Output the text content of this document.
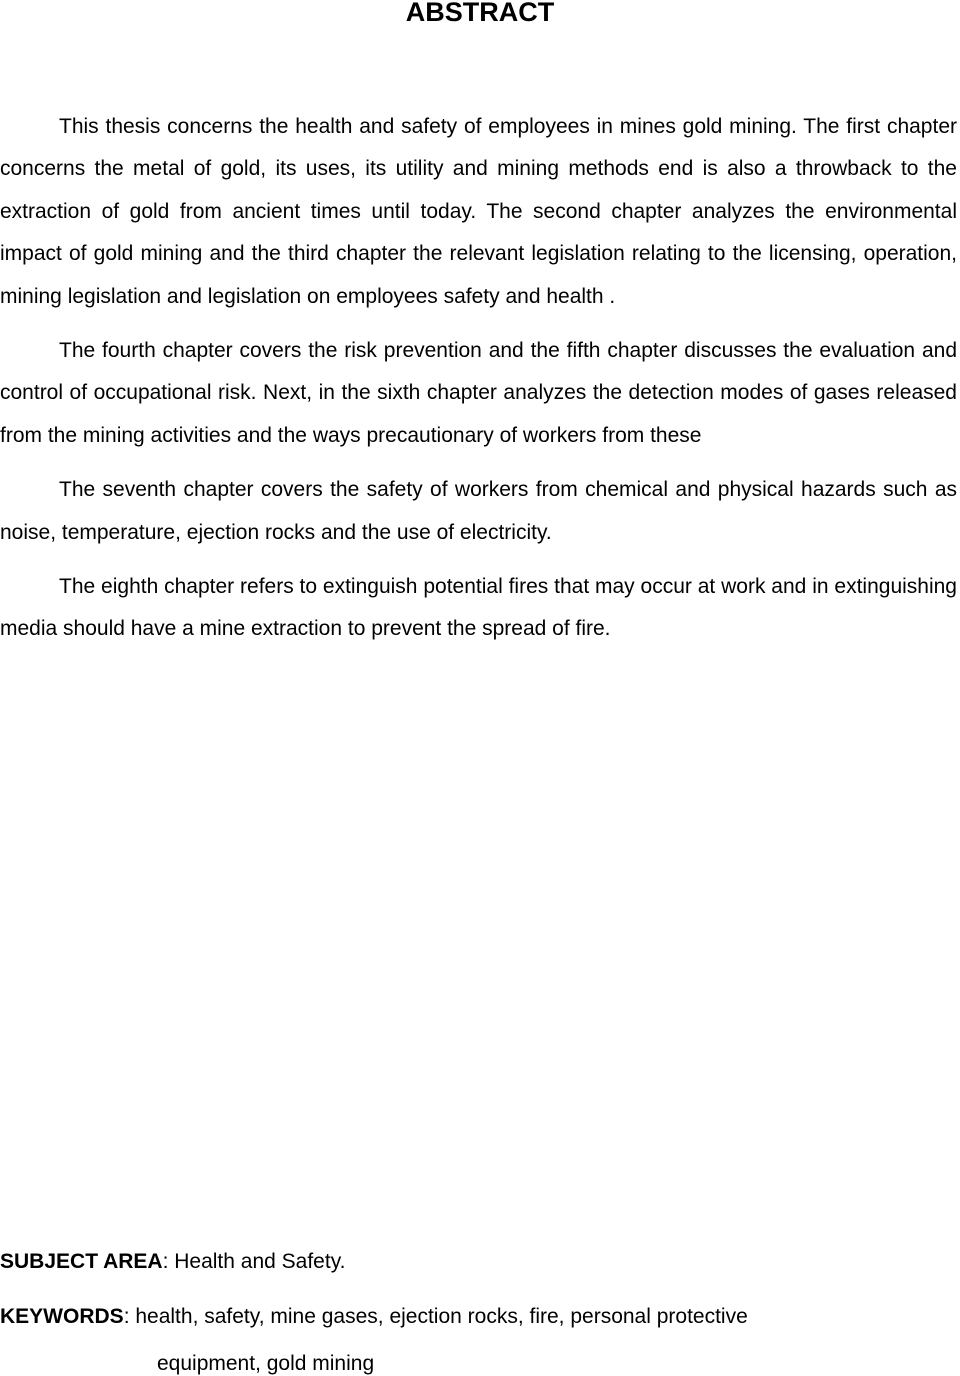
ABSTRACT

This thesis concerns the health and safety of employees in mines gold mining. The first chapter concerns the metal of gold, its uses, its utility and mining methods end is also a throwback to the extraction of gold from ancient times until today. The second chapter analyzes the environmental impact of gold mining and the third chapter the relevant legislation relating to the licensing, operation, mining legislation and legislation on employees safety and health .

The fourth chapter covers the risk prevention and the fifth chapter discusses the evaluation and control of occupational risk. Next, in the sixth chapter analyzes the detection modes of gases released from the mining activities and the ways precautionary of workers from these

The seventh chapter covers the safety of workers from chemical and physical hazards such as noise, temperature, ejection rocks and the use of electricity.

The eighth chapter refers to extinguish potential fires that may occur at work and in extinguishing media should have a mine extraction to prevent the spread of fire.

SUBJECT AREA: Health and Safety.

KEYWORDS: health, safety, mine gases, ejection rocks, fire, personal protective

equipment, gold mining
